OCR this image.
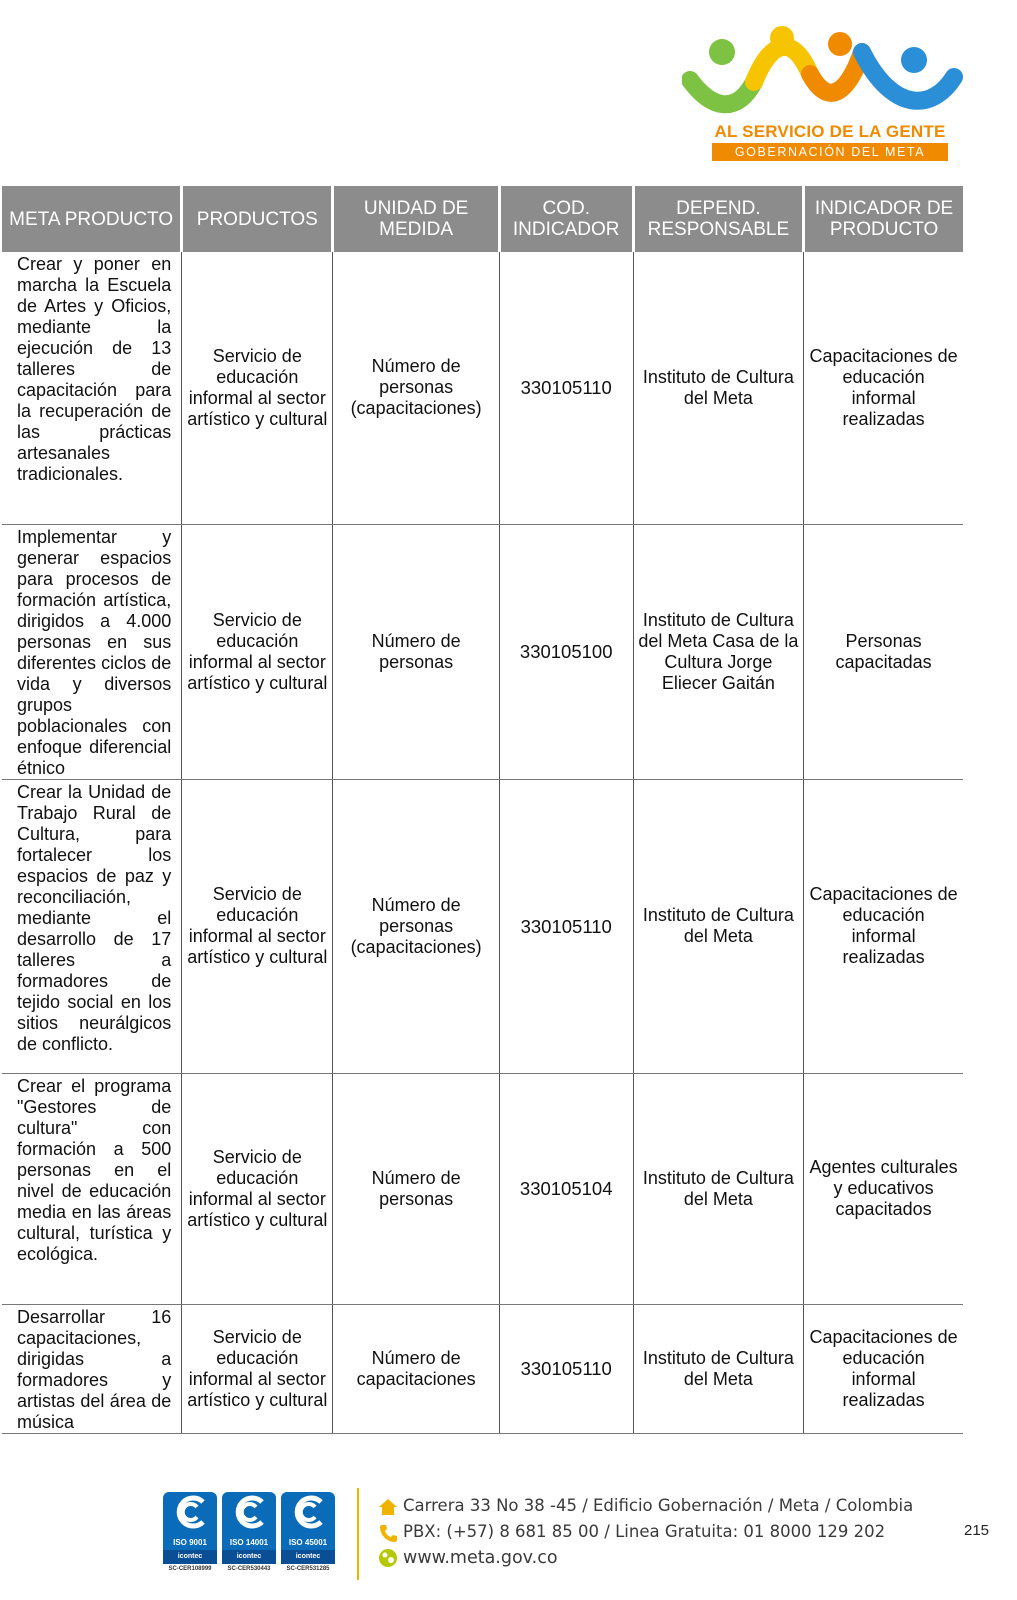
AL SERVICIO DE LA GENTE
GOBERNACIÓN DEL META
META PRODUCTO	PRODUCTOS	UNIDAD DE MEDIDA	COD. INDICADOR	DEPEND. RESPONSABLE	INDICADOR DE PRODUCTO
Crear y poner en marcha la Escuela de Artes y Oficios, mediante la ejecución de 13 talleres de capacitación para la recuperación de las prácticas artesanales tradicionales.	Servicio de educación informal al sector artístico y cultural	Número de personas (capacitaciones)	330105110	Instituto de Cultura del Meta	Capacitaciones de educación informal realizadas
Implementar y generar espacios para procesos de formación artística, dirigidos a 4.000 personas en sus diferentes ciclos de vida y diversos grupos poblacionales con enfoque diferencial étnico	Servicio de educación informal al sector artístico y cultural	Número de personas	330105100	Instituto de Cultura del Meta Casa de la Cultura Jorge Eliecer Gaitán	Personas capacitadas
Crear la Unidad de Trabajo Rural de Cultura, para fortalecer los espacios de paz y reconciliación, mediante el desarrollo de 17 talleres a formadores de tejido social en los sitios neurálgicos de conflicto.	Servicio de educación informal al sector artístico y cultural	Número de personas (capacitaciones)	330105110	Instituto de Cultura del Meta	Capacitaciones de educación informal realizadas
Crear el programa "Gestores de cultura" con formación a 500 personas en el nivel de educación media en las áreas cultural, turística y ecológica.	Servicio de educación informal al sector artístico y cultural	Número de personas	330105104	Instituto de Cultura del Meta	Agentes culturales y educativos capacitados
Desarrollar 16 capacitaciones, dirigidas a formadores y artistas del área de música	Servicio de educación informal al sector artístico y cultural	Número de capacitaciones	330105110	Instituto de Cultura del Meta	Capacitaciones de educación informal realizadas
ISO 9001
icontec
SC-CER108999
ISO 14001
icontec
SC-CER530443
ISO 45001
icontec
SC-CER531285
Carrera 33 No 38 -45 / Edificio Gobernación / Meta / Colombia
PBX: (+57) 8 681 85 00 / Linea Gratuita: 01 8000 129 202
www.meta.gov.co
215
